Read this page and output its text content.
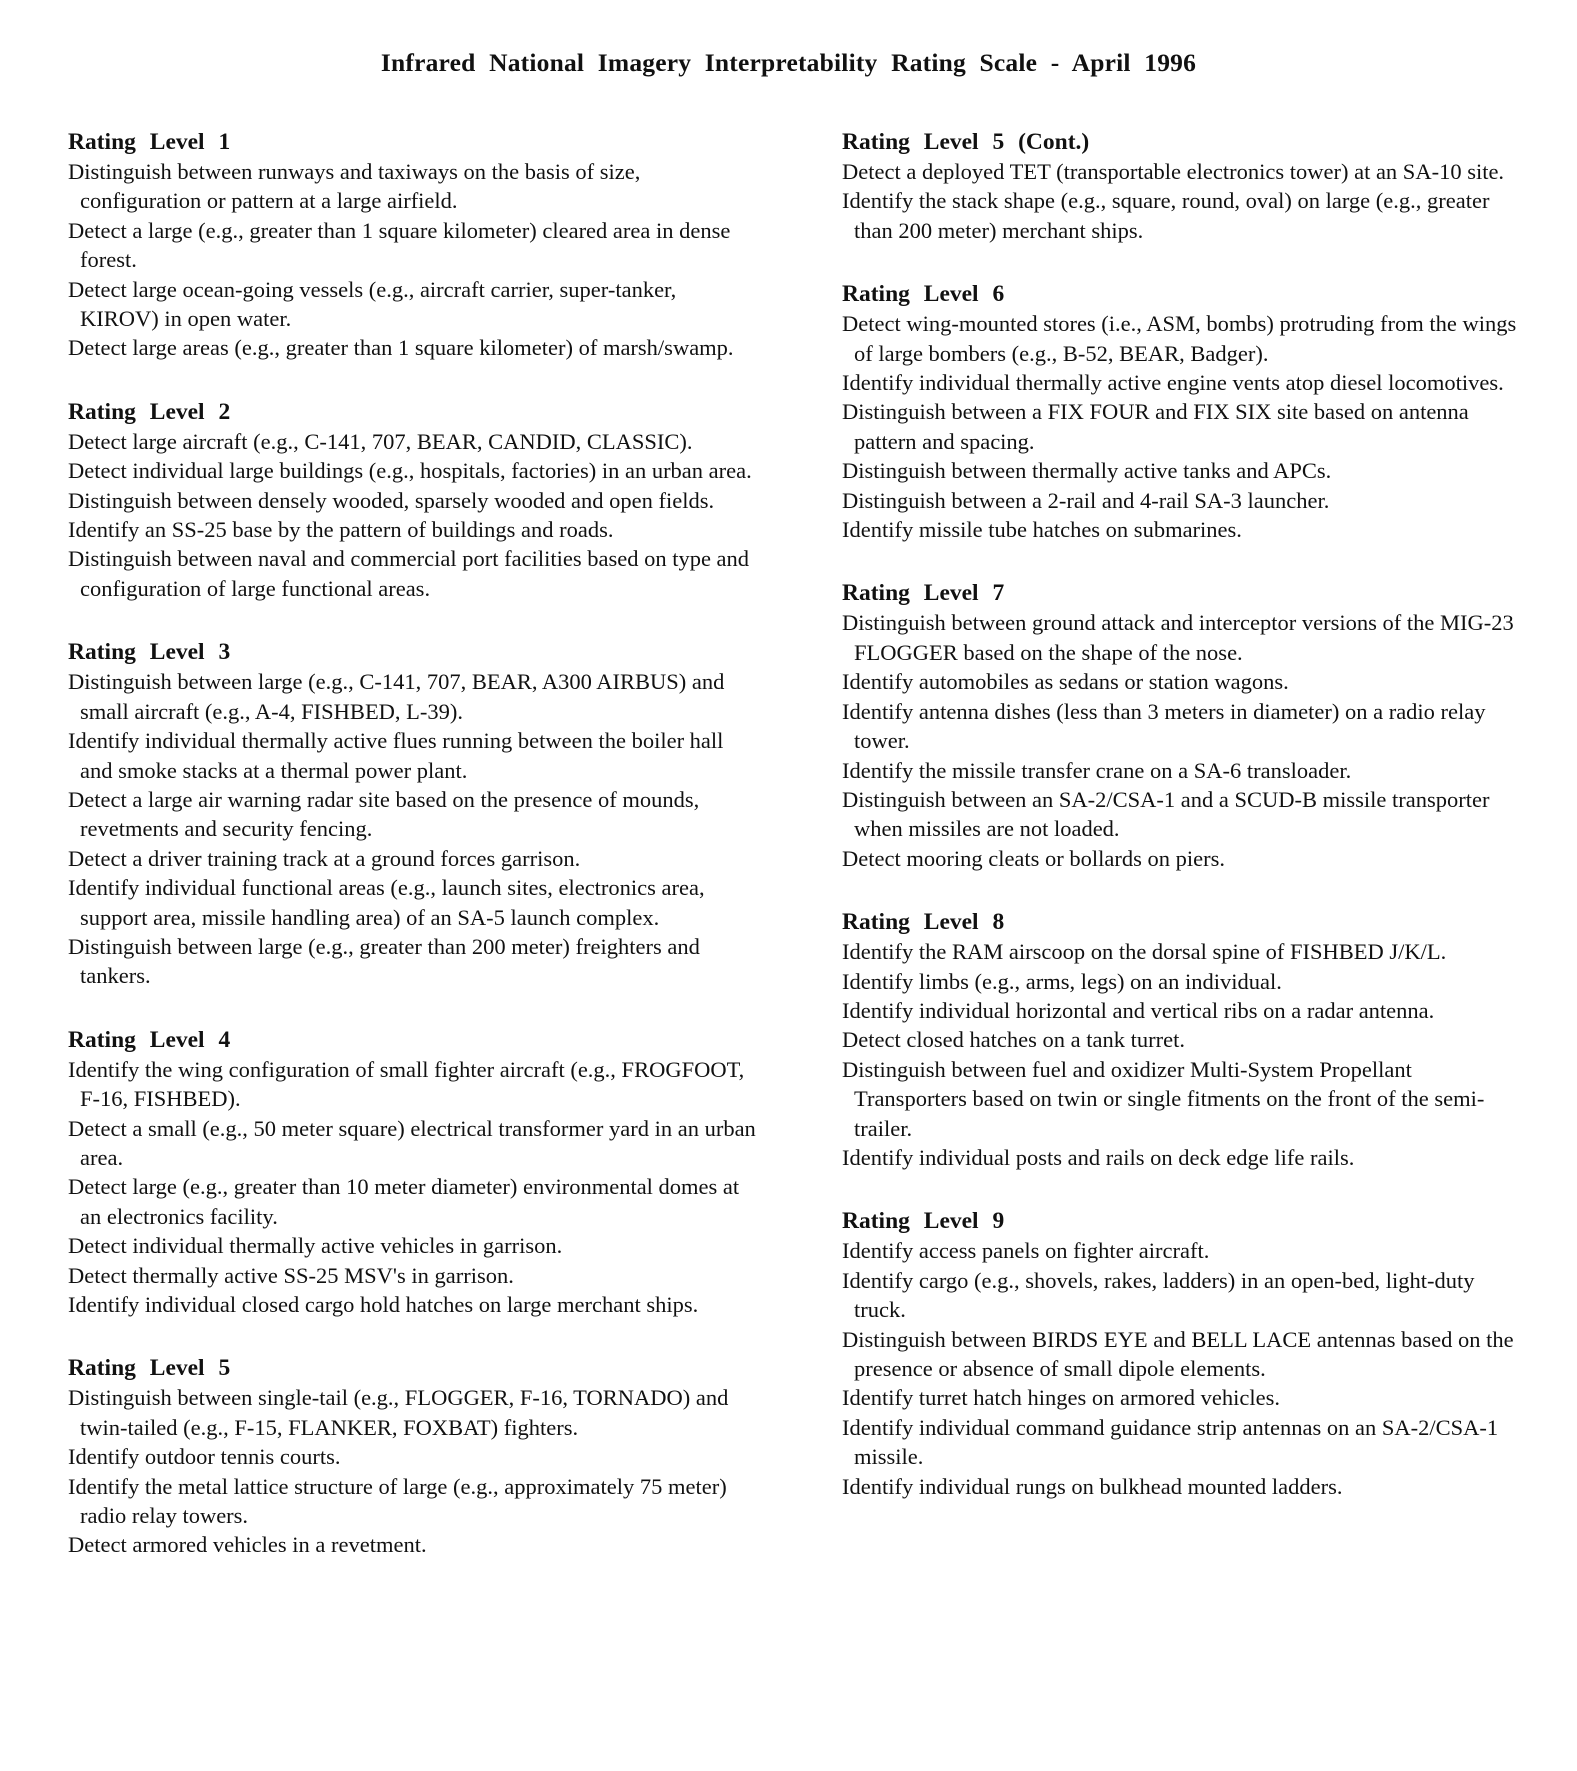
Infrared National Imagery Interpretability Rating Scale - April 1996
Rating Level 1
Distinguish between runways and taxiways on the basis of size, configuration or pattern at a large airfield.
Detect a large (e.g., greater than 1 square kilometer) cleared area in dense forest.
Detect large ocean-going vessels (e.g., aircraft carrier, super-tanker, KIROV) in open water.
Detect large areas (e.g., greater than 1 square kilometer) of marsh/swamp.
Rating Level 2
Detect large aircraft (e.g., C-141, 707, BEAR, CANDID, CLASSIC).
Detect individual large buildings (e.g., hospitals, factories) in an urban area.
Distinguish between densely wooded, sparsely wooded and open fields.
Identify an SS-25 base by the pattern of buildings and roads.
Distinguish between naval and commercial port facilities based on type and configuration of large functional areas.
Rating Level 3
Distinguish between large (e.g., C-141, 707, BEAR, A300 AIRBUS) and small aircraft (e.g., A-4, FISHBED, L-39).
Identify individual thermally active flues running between the boiler hall and smoke stacks at a thermal power plant.
Detect a large air warning radar site based on the presence of mounds, revetments and security fencing.
Detect a driver training track at a ground forces garrison.
Identify individual functional areas (e.g., launch sites, electronics area, support area, missile handling area) of an SA-5 launch complex.
Distinguish between large (e.g., greater than 200 meter) freighters and tankers.
Rating Level 4
Identify the wing configuration of small fighter aircraft (e.g., FROGFOOT, F-16, FISHBED).
Detect a small (e.g., 50 meter square) electrical transformer yard in an urban area.
Detect large (e.g., greater than 10 meter diameter) environmental domes at an electronics facility.
Detect individual thermally active vehicles in garrison.
Detect thermally active SS-25 MSV's in garrison.
Identify individual closed cargo hold hatches on large merchant ships.
Rating Level 5
Distinguish between single-tail (e.g., FLOGGER, F-16, TORNADO) and twin-tailed (e.g., F-15, FLANKER, FOXBAT) fighters.
Identify outdoor tennis courts.
Identify the metal lattice structure of large (e.g., approximately 75 meter) radio relay towers.
Detect armored vehicles in a revetment.
Rating Level 5 (Cont.)
Detect a deployed TET (transportable electronics tower) at an SA-10 site.
Identify the stack shape (e.g., square, round, oval) on large (e.g., greater than 200 meter) merchant ships.
Rating Level 6
Detect wing-mounted stores (i.e., ASM, bombs) protruding from the wings of large bombers (e.g., B-52, BEAR, Badger).
Identify individual thermally active engine vents atop diesel locomotives.
Distinguish between a FIX FOUR and FIX SIX site based on antenna pattern and spacing.
Distinguish between thermally active tanks and APCs.
Distinguish between a 2-rail and 4-rail SA-3 launcher.
Identify missile tube hatches on submarines.
Rating Level 7
Distinguish between ground attack and interceptor versions of the MIG-23 FLOGGER based on the shape of the nose.
Identify automobiles as sedans or station wagons.
Identify antenna dishes (less than 3 meters in diameter) on a radio relay tower.
Identify the missile transfer crane on a SA-6 transloader.
Distinguish between an SA-2/CSA-1 and a SCUD-B missile transporter when missiles are not loaded.
Detect mooring cleats or bollards on piers.
Rating Level 8
Identify the RAM airscoop on the dorsal spine of FISHBED J/K/L.
Identify limbs (e.g., arms, legs) on an individual.
Identify individual horizontal and vertical ribs on a radar antenna.
Detect closed hatches on a tank turret.
Distinguish between fuel and oxidizer Multi-System Propellant Transporters based on twin or single fitments on the front of the semi-trailer.
Identify individual posts and rails on deck edge life rails.
Rating Level 9
Identify access panels on fighter aircraft.
Identify cargo (e.g., shovels, rakes, ladders) in an open-bed, light-duty truck.
Distinguish between BIRDS EYE and BELL LACE antennas based on the presence or absence of small dipole elements.
Identify turret hatch hinges on armored vehicles.
Identify individual command guidance strip antennas on an SA-2/CSA-1 missile.
Identify individual rungs on bulkhead mounted ladders.
